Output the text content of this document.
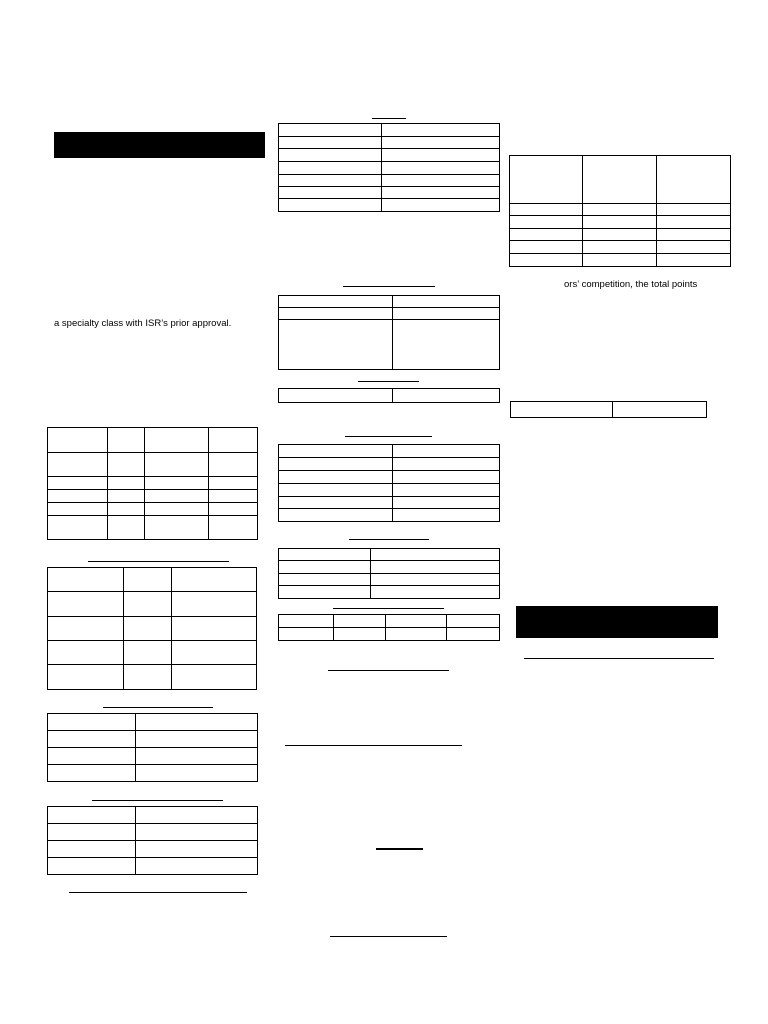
a specialty class with ISR’s prior approval.

ors’ competition, the total points
